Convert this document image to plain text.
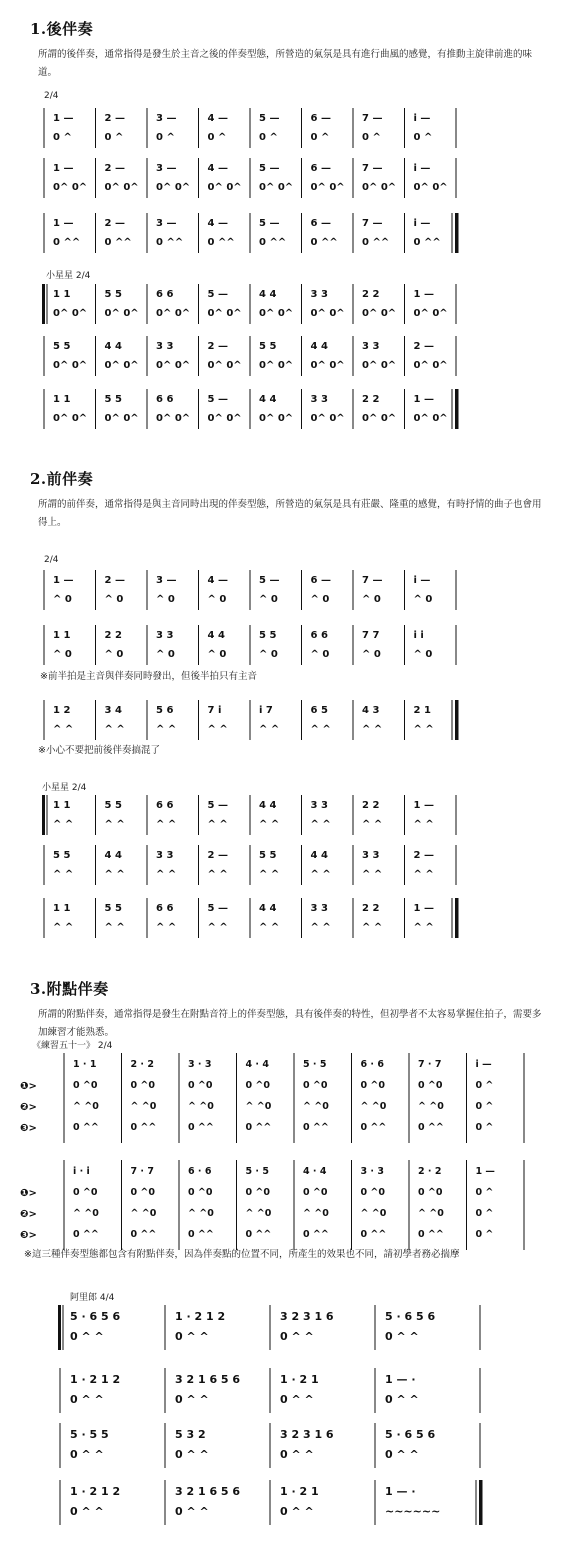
1.後伴奏
所謂的後伴奏，通常指得是發生於主音之後的伴奏型態，所營造的氣氛是具有進行曲風的感覺，有推動主旋律前進的味道。
2/4
小星星 2/4
2.前伴奏
所謂的前伴奏，通常指得是與主音同時出現的伴奏型態，所營造的氣氛是具有莊嚴、隆重的感覺，有時抒情的曲子也會用得上。
2/4
※前半拍是主音與伴奏同時發出，但後半拍只有主音
※小心不要把前後伴奏搞混了
小星星 2/4
3.附點伴奏
所謂的附點伴奏，通常指得是發生在附點音符上的伴奏型態，具有後伴奏的特性，但初學者不太容易掌握住拍子，需要多加練習才能熟悉。
《練習五十一》 2/4
※這三種伴奏型態都包含有附點伴奏，因為伴奏點的位置不同，所產生的效果也不同，請初學者務必揣摩
阿里郎 4/4
1 —
0 ^
2 —
0 ^
3 —
0 ^
4 —
0 ^
5 —
0 ^
6 —
0 ^
7 —
0 ^
i —
0 ^
1 —
0^ 0^
2 —
0^ 0^
3 —
0^ 0^
4 —
0^ 0^
5 —
0^ 0^
6 —
0^ 0^
7 —
0^ 0^
i —
0^ 0^
1 —
0 ^^
2 —
0 ^^
3 —
0 ^^
4 —
0 ^^
5 —
0 ^^
6 —
0 ^^
7 —
0 ^^
i —
0 ^^
1 1
0^ 0^
5 5
0^ 0^
6 6
0^ 0^
5 —
0^ 0^
4 4
0^ 0^
3 3
0^ 0^
2 2
0^ 0^
1 —
0^ 0^
5 5
0^ 0^
4 4
0^ 0^
3 3
0^ 0^
2 —
0^ 0^
5 5
0^ 0^
4 4
0^ 0^
3 3
0^ 0^
2 —
0^ 0^
1 1
0^ 0^
5 5
0^ 0^
6 6
0^ 0^
5 —
0^ 0^
4 4
0^ 0^
3 3
0^ 0^
2 2
0^ 0^
1 —
0^ 0^
1 —
^ 0
2 —
^ 0
3 —
^ 0
4 —
^ 0
5 —
^ 0
6 —
^ 0
7 —
^ 0
i —
^ 0
1 1
^ 0
2 2
^ 0
3 3
^ 0
4 4
^ 0
5 5
^ 0
6 6
^ 0
7 7
^ 0
i i
^ 0
1 2
^ ^
3 4
^ ^
5 6
^ ^
7 i
^ ^
i 7
^ ^
6 5
^ ^
4 3
^ ^
2 1
^ ^
1 1
^ ^
5 5
^ ^
6 6
^ ^
5 —
^ ^
4 4
^ ^
3 3
^ ^
2 2
^ ^
1 —
^ ^
5 5
^ ^
4 4
^ ^
3 3
^ ^
2 —
^ ^
5 5
^ ^
4 4
^ ^
3 3
^ ^
2 —
^ ^
1 1
^ ^
5 5
^ ^
6 6
^ ^
5 —
^ ^
4 4
^ ^
3 3
^ ^
2 2
^ ^
1 —
^ ^
❶>
❷>
❸>
1 · 1
0 ^0
^ ^0
0 ^^
2 · 2
0 ^0
^ ^0
0 ^^
3 · 3
0 ^0
^ ^0
0 ^^
4 · 4
0 ^0
^ ^0
0 ^^
5 · 5
0 ^0
^ ^0
0 ^^
6 · 6
0 ^0
^ ^0
0 ^^
7 · 7
0 ^0
^ ^0
0 ^^
i —
0 ^
0 ^
0 ^
❶>
❷>
❸>
i · i
0 ^0
^ ^0
0 ^^
7 · 7
0 ^0
^ ^0
0 ^^
6 · 6
0 ^0
^ ^0
0 ^^
5 · 5
0 ^0
^ ^0
0 ^^
4 · 4
0 ^0
^ ^0
0 ^^
3 · 3
0 ^0
^ ^0
0 ^^
2 · 2
0 ^0
^ ^0
0 ^^
1 —
0 ^
0 ^
0 ^
5 · 6 5 6
0 ^ ^
1 · 2 1 2
0 ^ ^
3 2 3 1 6
0 ^ ^
5 · 6 5 6
0 ^ ^
1 · 2 1 2
0 ^ ^
3 2 1 6 5 6
0 ^ ^
1 · 2 1
0 ^ ^
1 — ·
0 ^ ^
5 · 5 5
0 ^ ^
5 3 2
0 ^ ^
3 2 3 1 6
0 ^ ^
5 · 6 5 6
0 ^ ^
1 · 2 1 2
0 ^ ^
3 2 1 6 5 6
0 ^ ^
1 · 2 1
0 ^ ^
1 — ·
~~~~~~
